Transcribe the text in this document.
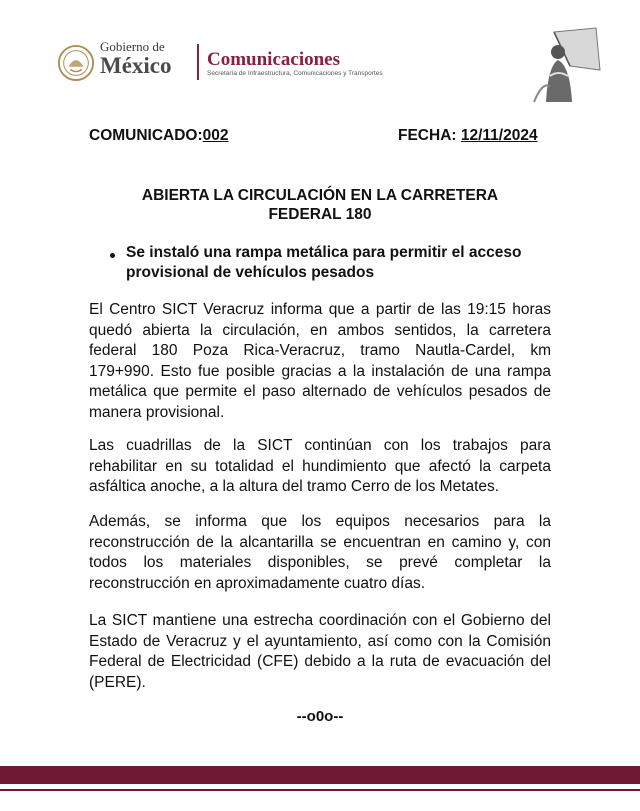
Gobierno de
México	Comunicaciones
Secretaría de Infraestructura, Comunicaciones y Transportes
COMUNICADO:002	FECHA: 12/11/2024
ABIERTA LA CIRCULACIÓN EN LA CARRETERA
FEDERAL 180
Se instaló una rampa metálica para permitir el acceso provisional de vehículos pesados

El Centro SICT Veracruz informa que a partir de las 19:15 horas quedó abierta la circulación, en ambos sentidos, la carretera federal 180 Poza Rica-Veracruz, tramo Nautla-Cardel, km 179+990. Esto fue posible gracias a la instalación de una rampa metálica que permite el paso alternado de vehículos pesados de manera provisional.

Las cuadrillas de la SICT continúan con los trabajos para rehabilitar en su totalidad el hundimiento que afectó la carpeta asfáltica anoche, a la altura del tramo Cerro de los Metates.

Además, se informa que los equipos necesarios para la reconstrucción de la alcantarilla se encuentran en camino y, con todos los materiales disponibles, se prevé completar la reconstrucción en aproximadamente cuatro días.

La SICT mantiene una estrecha coordinación con el Gobierno del Estado de Veracruz y el ayuntamiento, así como con la Comisión Federal de Electricidad (CFE) debido a la ruta de evacuación del (PERE).

--o0o--
